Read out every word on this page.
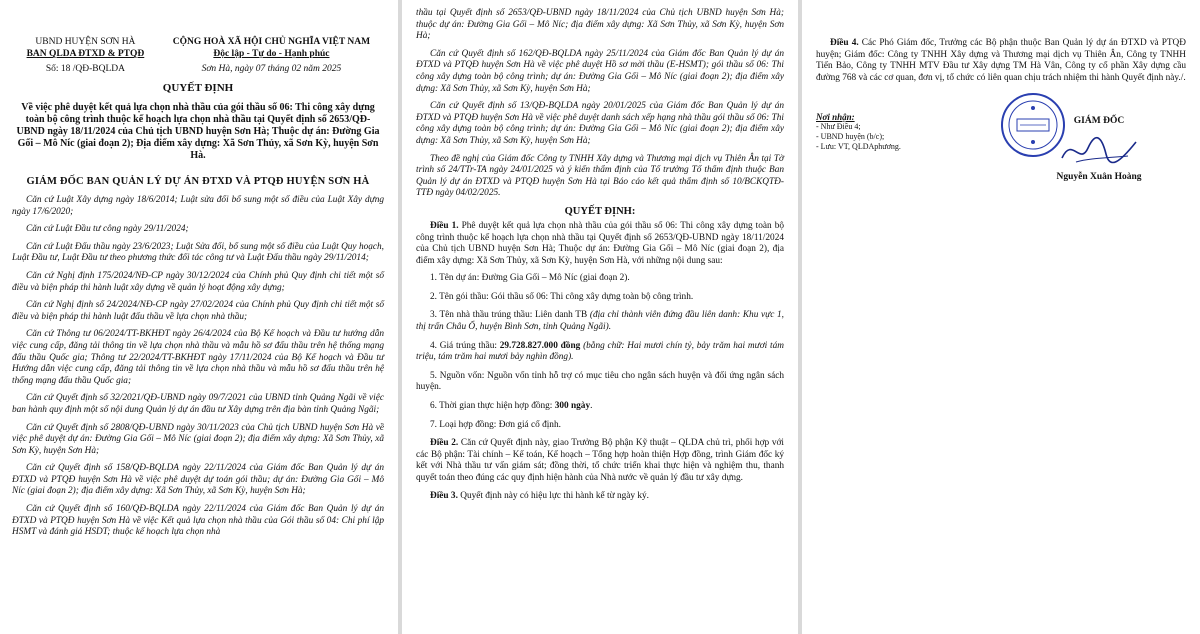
UBND HUYỆN SƠN HÀ
BAN QLDA ĐTXD & PTQĐ
CỘNG HOÀ XÃ HỘI CHỦ NGHĨA VIỆT NAM
Độc lập - Tự do - Hạnh phúc
Số: 18 /QĐ-BQLDA	Sơn Hà, ngày 07 tháng 02 năm 2025
QUYẾT ĐỊNH
Về việc phê duyệt kết quả lựa chọn nhà thầu của gói thầu số 06: Thi công xây dựng toàn bộ công trình thuộc kế hoạch lựa chọn nhà thầu tại Quyết định số 2653/QĐ-UBND ngày 18/11/2024 của Chủ tịch UBND huyện Sơn Hà; Thuộc dự án: Đường Gia Gối – Mô Níc (giai đoạn 2); Địa điểm xây dựng: Xã Sơn Thủy, xã Sơn Kỳ, huyện Sơn Hà.
GIÁM ĐỐC BAN QUẢN LÝ DỰ ÁN ĐTXD VÀ PTQĐ HUYỆN SƠN HÀ

Căn cứ Luật Xây dựng ngày 18/6/2014; Luật sửa đổi bổ sung một số điều của Luật Xây dựng ngày 17/6/2020;

Căn cứ Luật Đầu tư công ngày 29/11/2024;

Căn cứ Luật Đấu thầu ngày 23/6/2023; Luật Sửa đổi, bổ sung một số điều của Luật Quy hoạch, Luật Đầu tư, Luật Đầu tư theo phương thức đối tác công tư và Luật Đấu thầu ngày 29/11/2014;

Căn cứ Nghị định 175/2024/NĐ-CP ngày 30/12/2024 của Chính phủ Quy định chi tiết một số điều và biện pháp thi hành luật xây dựng về quản lý hoạt động xây dựng;

Căn cứ Nghị định số 24/2024/NĐ-CP ngày 27/02/2024 của Chính phủ Quy định chi tiết một số điều và biện pháp thi hành luật đấu thầu về lựa chọn nhà thầu;

Căn cứ Thông tư 06/2024/TT-BKHĐT ngày 26/4/2024 của Bộ Kế hoạch và Đầu tư hướng dẫn việc cung cấp, đăng tải thông tin về lựa chọn nhà thầu và mẫu hồ sơ đấu thầu trên hệ thống mạng đấu thầu Quốc gia; Thông tư 22/2024/TT-BKHĐT ngày 17/11/2024 của Bộ Kế hoạch và Đầu tư Hướng dẫn việc cung cấp, đăng tải thông tin về lựa chọn nhà thầu và mẫu hồ sơ đấu thầu trên hệ thống mạng đấu thầu Quốc gia;

Căn cứ Quyết định số 32/2021/QĐ-UBND ngày 09/7/2021 của UBND tỉnh Quảng Ngãi về việc ban hành quy định một số nội dung Quản lý dự án đầu tư Xây dựng trên địa bàn tỉnh Quảng Ngãi;

Căn cứ Quyết định số 2808/QĐ-UBND ngày 30/11/2023 của Chủ tịch UBND huyện Sơn Hà về việc phê duyệt dự án: Đường Gia Gối – Mô Níc (giai đoạn 2); địa điểm xây dựng: Xã Sơn Thủy, xã Sơn Kỳ, huyện Sơn Hà;

Căn cứ Quyết định số 158/QĐ-BQLDA ngày 22/11/2024 của Giám đốc Ban Quản lý dự án ĐTXD và PTQĐ huyện Sơn Hà về việc phê duyệt dự toán gói thầu; dự án: Đường Gia Gối – Mô Níc (giai đoạn 2); địa điểm xây dựng: Xã Sơn Thủy, xã Sơn Kỳ, huyện Sơn Hà;

Căn cứ Quyết định số 160/QĐ-BQLDA ngày 22/11/2024 của Giám đốc Ban Quản lý dự án ĐTXD và PTQĐ huyện Sơn Hà về việc Kết quả lựa chọn nhà thầu của Gói thầu số 04: Chi phí lập HSMT và đánh giá HSDT; thuộc kế hoạch lựa chọn nhà

thầu tại Quyết định số 2653/QĐ-UBND ngày 18/11/2024 của Chủ tịch UBND huyện Sơn Hà; thuộc dự án: Đường Gia Gối – Mô Níc; địa điểm xây dựng: Xã Sơn Thủy, xã Sơn Kỳ, huyện Sơn Hà;

Căn cứ Quyết định số 162/QĐ-BQLDA ngày 25/11/2024 của Giám đốc Ban Quản lý dự án ĐTXD và PTQĐ huyện Sơn Hà về việc phê duyệt Hồ sơ mời thầu (E-HSMT); gói thầu số 06: Thi công xây dựng toàn bộ công trình; dự án: Đường Gia Gối – Mô Níc (giai đoạn 2); địa điểm xây dựng: Xã Sơn Thủy, xã Sơn Kỳ, huyện Sơn Hà;

Căn cứ Quyết định số 13/QĐ-BQLDA ngày 20/01/2025 của Giám đốc Ban Quản lý dự án ĐTXD và PTQĐ huyện Sơn Hà về việc phê duyệt danh sách xếp hạng nhà thầu gói thầu số 06: Thi công xây dựng toàn bộ công trình; dự án: Đường Gia Gối – Mô Níc (giai đoạn 2); địa điểm xây dựng: Xã Sơn Thủy, xã Sơn Kỳ, huyện Sơn Hà;

Theo đề nghị của Giám đốc Công ty TNHH Xây dựng và Thương mại dịch vụ Thiên Ân tại Tờ trình số 24/TTr-TA ngày 24/01/2025 và ý kiến thẩm định của Tổ trưởng Tổ thẩm định thuộc Ban Quản lý dự án ĐTXD và PTQĐ huyện Sơn Hà tại Báo cáo kết quả thẩm định số 10/BCKQTĐ-TTĐ ngày 04/02/2025.

QUYẾT ĐỊNH:

Điều 1. Phê duyệt kết quả lựa chọn nhà thầu của gói thầu số 06: Thi công xây dựng toàn bộ công trình thuộc kế hoạch lựa chọn nhà thầu tại Quyết định số 2653/QĐ-UBND ngày 18/11/2024 của Chủ tịch UBND huyện Sơn Hà; Thuộc dự án: Đường Gia Gối – Mô Níc (giai đoạn 2), địa điểm xây dựng: Xã Sơn Thủy, xã Sơn Kỳ, huyện Sơn Hà, với những nội dung sau:

1. Tên dự án: Đường Gia Gối – Mô Níc (giai đoạn 2).
2. Tên gói thầu: Gói thầu số 06: Thi công xây dựng toàn bộ công trình.
3. Tên nhà thầu trúng thầu: Liên danh TB (địa chỉ thành viên đứng đầu liên danh: Khu vực 1, thị trấn Châu Ổ, huyện Bình Sơn, tỉnh Quảng Ngãi).
4. Giá trúng thầu: 29.728.827.000 đồng (bằng chữ: Hai mươi chín tỷ, bảy trăm hai mươi tám triệu, tám trăm hai mươi bảy nghìn đồng).
5. Nguồn vốn: Nguồn vốn tỉnh hỗ trợ có mục tiêu cho ngân sách huyện và đối ứng ngân sách huyện.
6. Thời gian thực hiện hợp đồng: 300 ngày.
7. Loại hợp đồng: Đơn giá cố định.

Điều 2. Căn cứ Quyết định này, giao Trưởng Bộ phận Kỹ thuật – QLDA chủ trì, phối hợp với các Bộ phận: Tài chính – Kế toán, Kế hoạch – Tổng hợp hoàn thiện Hợp đồng, trình Giám đốc ký kết với Nhà thầu tư vấn giám sát; đồng thời, tổ chức triển khai thực hiện và nghiệm thu, thanh quyết toán theo đúng các quy định hiện hành của Nhà nước về quản lý đầu tư xây dựng.

Điều 3. Quyết định này có hiệu lực thi hành kể từ ngày ký.

Điều 4. Các Phó Giám đốc, Trưởng các Bộ phận thuộc Ban Quản lý dự án ĐTXD và PTQĐ huyện; Giám đốc: Công ty TNHH Xây dựng và Thương mại dịch vụ Thiên Ân, Công ty TNHH Tiến Bảo, Công ty TNHH MTV Đầu tư Xây dựng TM Hà Vân, Công ty cổ phần Xây dựng cầu đường 768 và các cơ quan, đơn vị, tổ chức có liên quan chịu trách nhiệm thi hành Quyết định này./.

Nơi nhận:
- Như Điều 4;
- UBND huyện (b/c);
- Lưu: VT, QLDAphương.
GIÁM ĐỐC
Nguyễn Xuân Hoàng
